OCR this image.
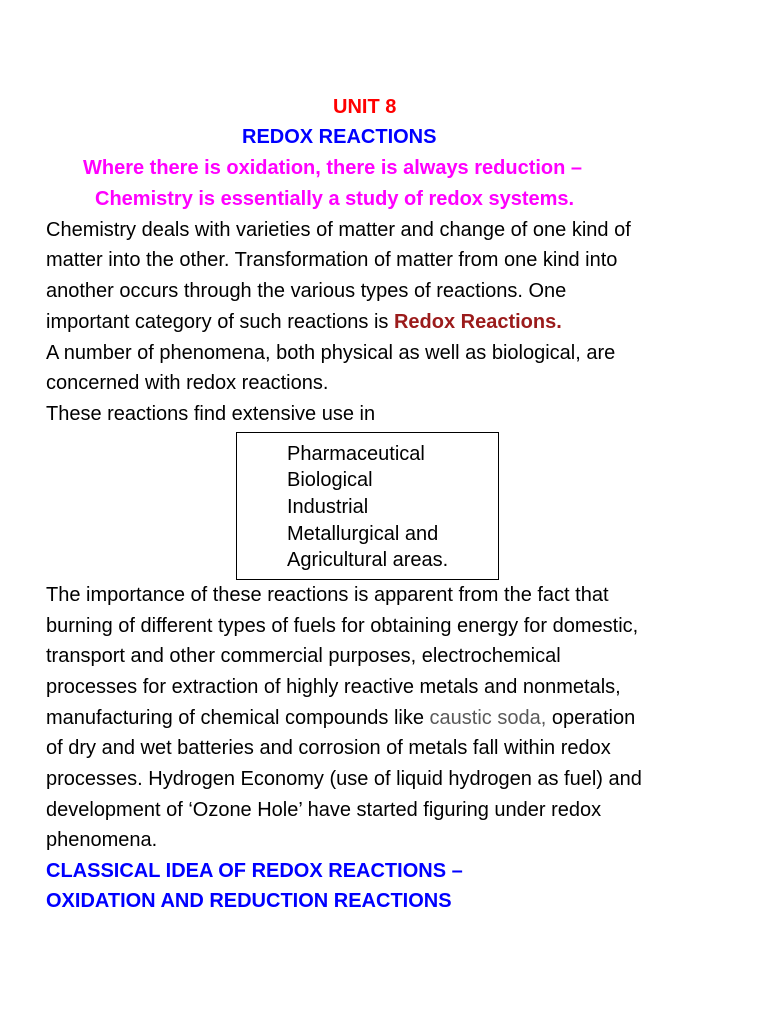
UNIT 8
REDOX REACTIONS
Where there is oxidation, there is always reduction –
Chemistry is essentially a study of redox systems.
Chemistry deals with varieties of matter and change of one kind of
matter into the other. Transformation of matter from one kind into
another occurs through the various types of reactions. One
important category of such reactions is Redox Reactions.
A number of phenomena, both physical as well as biological, are
concerned with redox reactions.
These reactions find extensive use in
Pharmaceutical
Biological
Industrial
Metallurgical and
Agricultural areas.
The importance of these reactions is apparent from the fact that
burning of different types of fuels for obtaining energy for domestic,
transport and other commercial purposes, electrochemical
processes for extraction of highly reactive metals and nonmetals,
manufacturing of chemical compounds like caustic soda, operation
of dry and wet batteries and corrosion of metals fall within redox
processes. Hydrogen Economy (use of liquid hydrogen as fuel) and
development of ‘Ozone Hole’ have started figuring under redox
phenomena.
CLASSICAL IDEA OF REDOX REACTIONS –
OXIDATION AND REDUCTION REACTIONS
